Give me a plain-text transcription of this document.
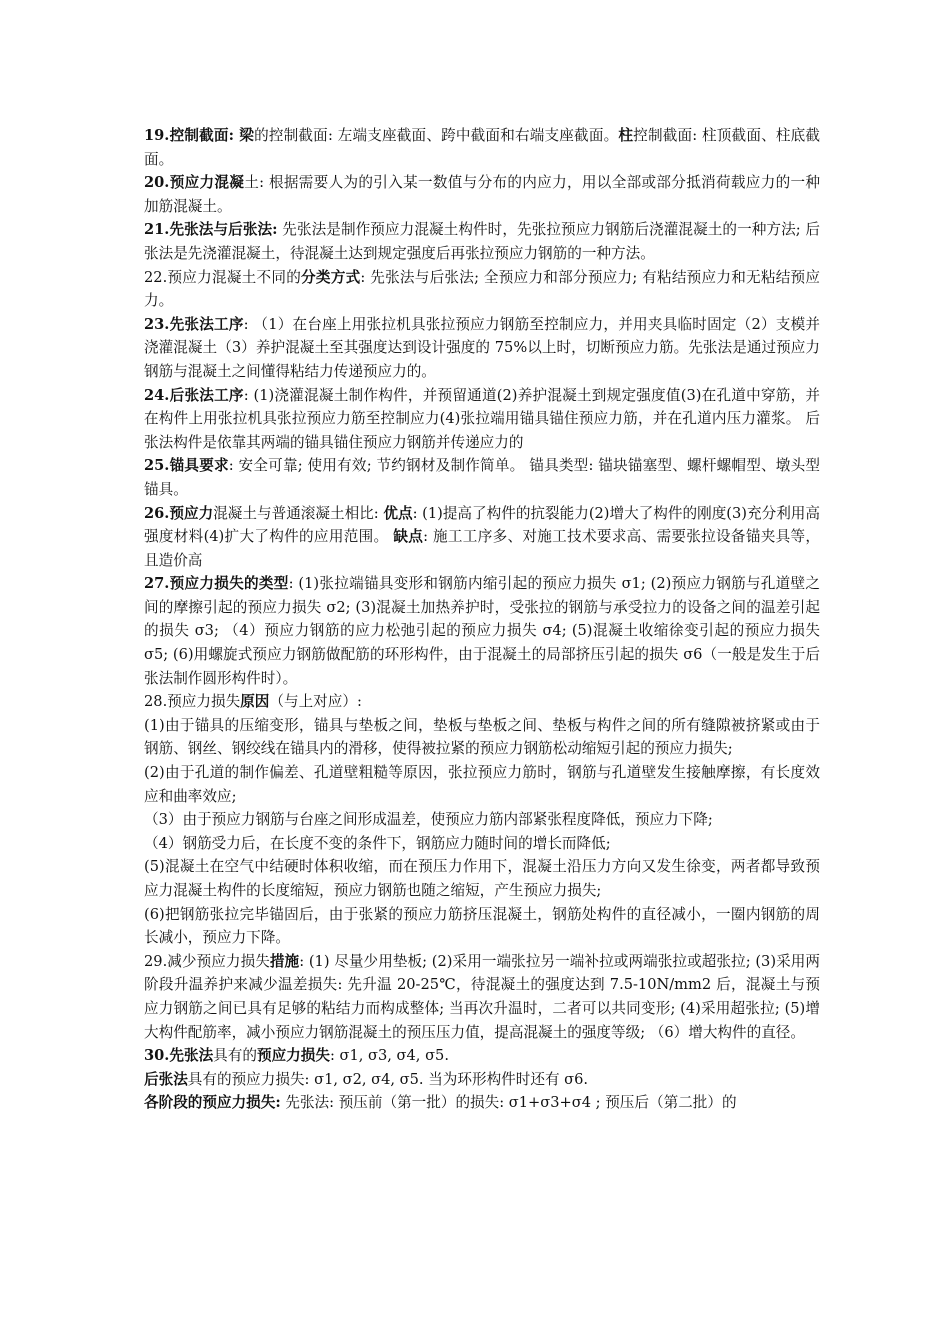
19.控制截面: 梁的控制截面: 左端支座截面、跨中截面和右端支座截面。柱控制截面: 柱顶截面、柱底截面。

20.预应力混凝土: 根据需要人为的引入某一数值与分布的内应力，用以全部或部分抵消荷载应力的一种加筋混凝土。

21.先张法与后张法: 先张法是制作预应力混凝土构件时，先张拉预应力钢筋后浇灌混凝土的一种方法; 后张法是先浇灌混凝土，待混凝土达到规定强度后再张拉预应力钢筋的一种方法。

22.预应力混凝土不同的分类方式: 先张法与后张法; 全预应力和部分预应力; 有粘结预应力和无粘结预应力。

23.先张法工序: （1）在台座上用张拉机具张拉预应力钢筋至控制应力，并用夹具临时固定（2）支模并浇灌混凝土（3）养护混凝土至其强度达到设计强度的 75%以上时，切断预应力筋。先张法是通过预应力钢筋与混凝土之间懂得粘结力传递预应力的。

24.后张法工序: (1)浇灌混凝土制作构件，并预留通道(2)养护混凝土到规定强度值(3)在孔道中穿筋，并在构件上用张拉机具张拉预应力筋至控制应力(4)张拉端用锚具锚住预应力筋，并在孔道内压力灌浆。 后张法构件是依靠其两端的锚具锚住预应力钢筋并传递应力的

25.锚具要求: 安全可靠; 使用有效; 节约钢材及制作简单。 锚具类型: 锚块锚塞型、螺杆螺帽型、墩头型锚具。

26.预应力混凝土与普通滚凝土相比: 优点: (1)提高了构件的抗裂能力(2)增大了构件的刚度(3)充分利用高强度材料(4)扩大了构件的应用范围。 缺点: 施工工序多、对施工技术要求高、需要张拉设备锚夹具等，且造价高

27.预应力损失的类型: (1)张拉端锚具变形和钢筋内缩引起的预应力损失 σ1; (2)预应力钢筋与孔道壁之间的摩擦引起的预应力损失 σ2; (3)混凝土加热养护时，受张拉的钢筋与承受拉力的设备之间的温差引起的损失 σ3; （4）预应力钢筋的应力松弛引起的预应力损失 σ4; (5)混凝土收缩徐变引起的预应力损失 σ5; (6)用螺旋式预应力钢筋做配筋的环形构件，由于混凝土的局部挤压引起的损失 σ6（一般是发生于后张法制作圆形构件时）。

28.预应力损失原因（与上对应）:

(1)由于锚具的压缩变形，锚具与垫板之间，垫板与垫板之间、垫板与构件之间的所有缝隙被挤紧或由于钢筋、钢丝、钢绞线在锚具内的滑移，使得被拉紧的预应力钢筋松动缩短引起的预应力损失;

(2)由于孔道的制作偏差、孔道壁粗糙等原因，张拉预应力筋时，钢筋与孔道壁发生接触摩擦，有长度效应和曲率效应;

（3）由于预应力钢筋与台座之间形成温差，使预应力筋内部紧张程度降低，预应力下降;

（4）钢筋受力后，在长度不变的条件下，钢筋应力随时间的增长而降低;

(5)混凝土在空气中结硬时体积收缩，而在预压力作用下，混凝土沿压力方向又发生徐变，两者都导致预应力混凝土构件的长度缩短，预应力钢筋也随之缩短，产生预应力损失;

(6)把钢筋张拉完毕锚固后，由于张紧的预应力筋挤压混凝土，钢筋处构件的直径减小，一圈内钢筋的周长减小，预应力下降。

29.减少预应力损失措施: (1) 尽量少用垫板; (2)采用一端张拉另一端补拉或两端张拉或超张拉; (3)采用两阶段升温养护来减少温差损失: 先升温 20-25℃，待混凝土的强度达到 7.5-10N/mm2 后，混凝土与预应力钢筋之间已具有足够的粘结力而构成整体; 当再次升温时，二者可以共同变形; (4)采用超张拉; (5)增大构件配筋率，减小预应力钢筋混凝土的预压压力值，提高混凝土的强度等级; （6）增大构件的直径。

30.先张法具有的预应力损失: σ1, σ3, σ4, σ5.

后张法具有的预应力损失: σ1, σ2, σ4, σ5. 当为环形构件时还有 σ6.

各阶段的预应力损失: 先张法: 预压前（第一批）的损失: σ1+σ3+σ4 ; 预压后（第二批）的
